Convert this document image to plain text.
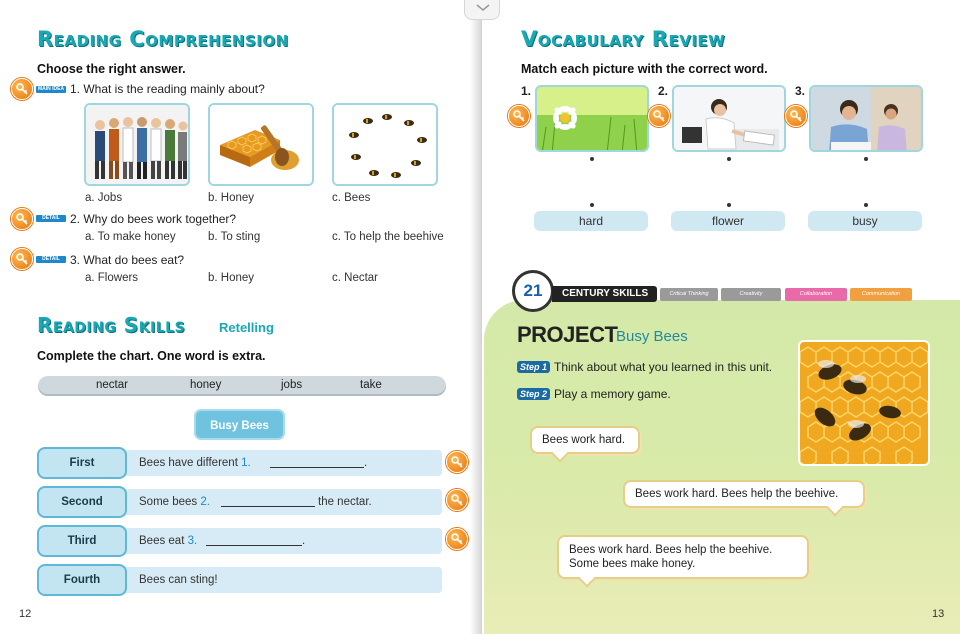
Reading Comprehension
Choose the right answer.
MAIN IDEA 1. What is the reading mainly about?
a. Jobs	b. Honey	c. Bees
DETAIL 2. Why do bees work together?
a. To make honey	b. To sting	c. To help the beehive
DETAIL 3. What do bees eat?
a. Flowers	b. Honey	c. Nectar
Reading Skills	Retelling
Complete the chart. One word is extra.
nectar	honey	jobs	take
Busy Bees
First	Bees have different 1.	.
Second	Some bees 2.	the nectar.
Third	Bees eat 3.	.
Fourth	Bees can sting!
12
Vocabulary Review
Match each picture with the correct word.
1.	2.	3.
hard	flower	busy
21	CENTURY SKILLS	Critical Thinking	Creativity	Collaboration	Communication
PROJECT
Busy Bees
Step 1 Think about what you learned in this unit.
Step 2 Play a memory game.
Bees work hard.
Bees work hard. Bees help the beehive.
Bees work hard. Bees help the beehive.
Some bees make honey.
13
